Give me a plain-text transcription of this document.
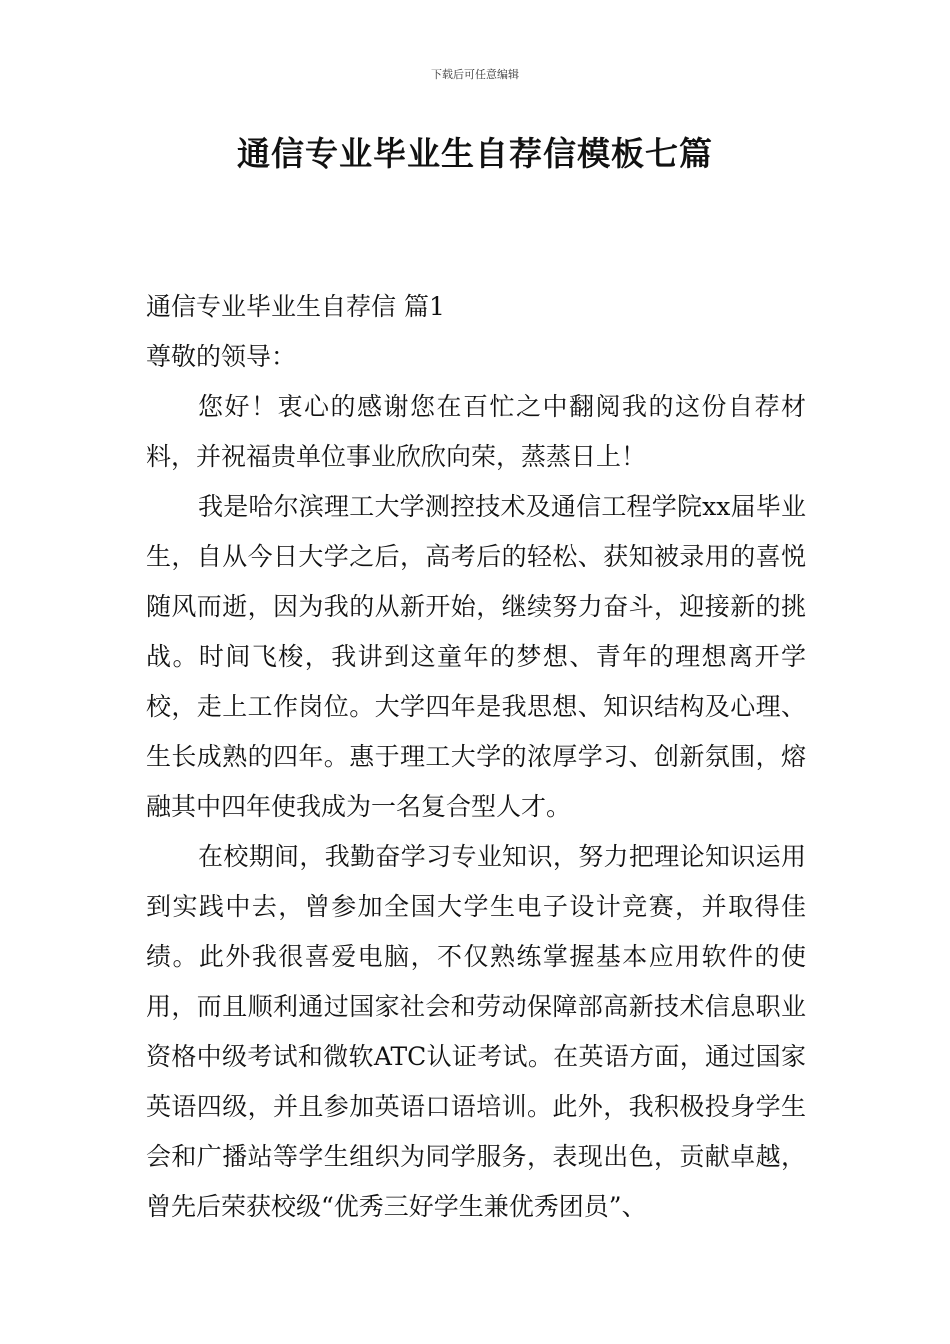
下载后可任意编辑
通信专业毕业生自荐信模板七篇

通信专业毕业生自荐信 篇1

尊敬的领导：

您好！衷心的感谢您在百忙之中翻阅我的这份自荐材料，并祝福贵单位事业欣欣向荣，蒸蒸日上！

我是哈尔滨理工大学测控技术及通信工程学院xx届毕业生，自从今日大学之后，高考后的轻松、获知被录用的喜悦随风而逝，因为我的从新开始，继续努力奋斗，迎接新的挑战。时间飞梭，我讲到这童年的梦想、青年的理想离开学校，走上工作岗位。大学四年是我思想、知识结构及心理、生长成熟的四年。惠于理工大学的浓厚学习、创新氛围，熔融其中四年使我成为一名复合型人才。

在校期间，我勤奋学习专业知识，努力把理论知识运用到实践中去，曾参加全国大学生电子设计竞赛，并取得佳绩。此外我很喜爱电脑，不仅熟练掌握基本应用软件的使用，而且顺利通过国家社会和劳动保障部高新技术信息职业资格中级考试和微软ATC认证考试。在英语方面，通过国家英语四级，并且参加英语口语培训。此外，我积极投身学生会和广播站等学生组织为同学服务，表现出色，贡献卓越，曾先后荣获校级“优秀三好学生兼优秀团员”、
